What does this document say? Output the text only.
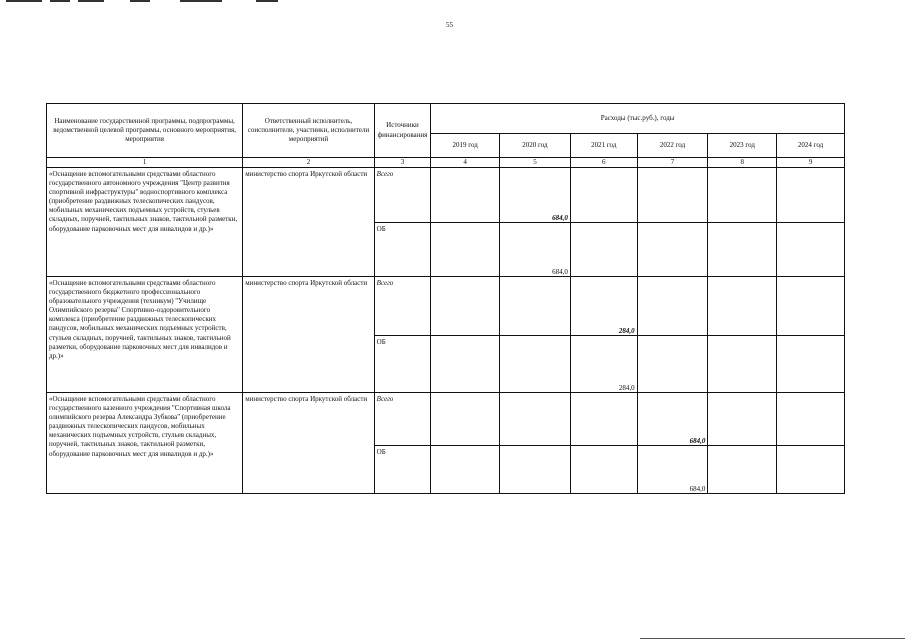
55
Наименование государственной программы, подпрограммы, ведомственной целевой программы, основного мероприятия, мероприятия	Ответственный исполнитель, соисполнители, участники, исполнители мероприятий	Источники финансирования	Расходы (тыс.руб.), годы					
			2019 год	2020 год	2021 год	2022 год	2023 год	2024 год
1	2	3	4	5	6	7	8	9
«Оснащение вспомогательными средствами областного государственного автономного учреждения "Центр развития спортивной инфраструктуры" водноспортивного комплекса (приобретение раздвижных телескопических пандусов, мобильных механических подъемных устройств, стульев складных, поручней, тактильных знаков, тактильной разметки, оборудование парковочных мест для инвалидов и др.)»	министерство спорта Иркутской области	Всего		684,0				
		ОБ		684,0				
«Оснащение вспомогательными средствами областного государственного бюджетного профессионального образовательного учреждения (техникум) "Училище Олимпийского резерва" Спортивно-оздоровительного комплекса (приобретение раздвижных телескопических пандусов, мобильных механических подъемных устройств, стульев складных, поручней, тактильных знаков, тактильной разметки, оборудование парковочных мест для инвалидов и др.)»	министерство спорта Иркутской области	Всего			284,0			
		ОБ			284,0			
«Оснащение вспомогательными средствами областного государственного казенного учреждения "Спортивная школа олимпийского резерва Александра Зубкова" (приобретение раздвижных телескопических пандусов, мобильных механических подъемных устройств, стульев складных, поручней, тактильных знаков, тактильной разметки, оборудование парковочных мест для инвалидов и др.)»	министерство спорта Иркутской области	Всего				684,0		
		ОБ				684,0		
